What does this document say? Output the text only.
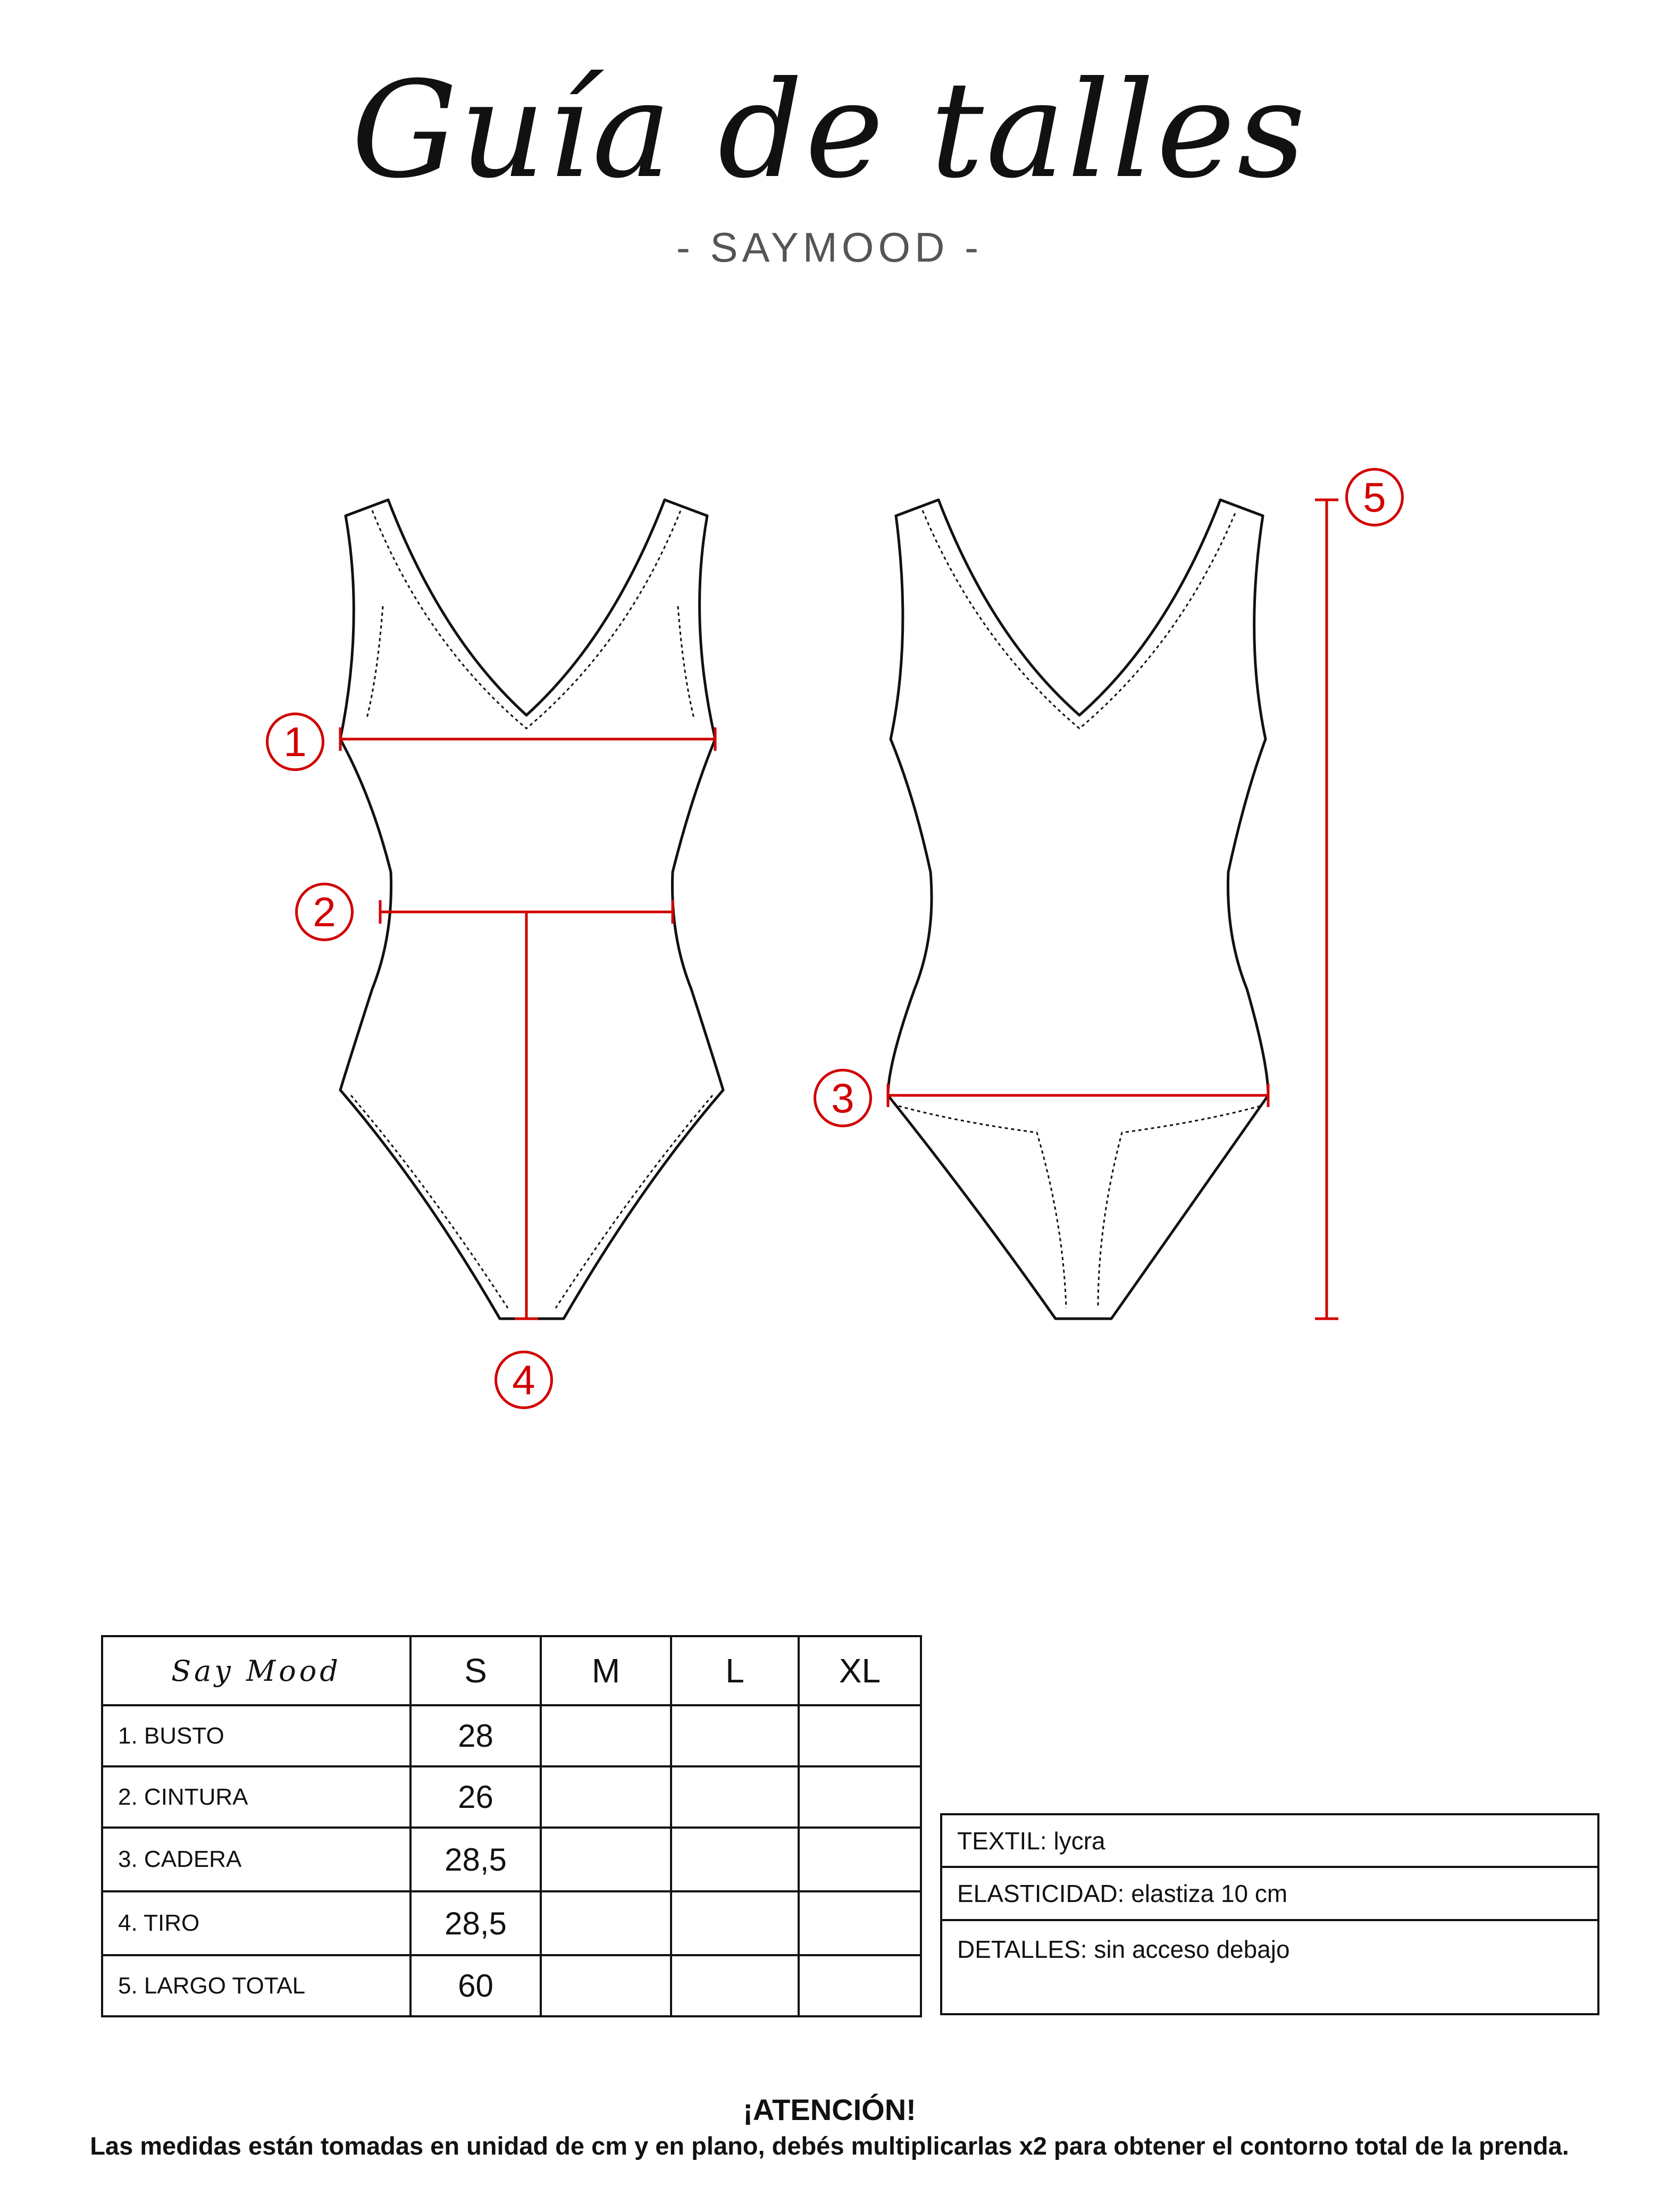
Guía de talles
- SAYMOOD -
1
2
3
4
5
Say Mood	S	M	L	XL
1. BUSTO	28			
2. CINTURA	26			
3. CADERA	28,5			
4. TIRO	28,5			
5. LARGO TOTAL	60			
TEXTIL: lycra
ELASTICIDAD: elastiza 10 cm
DETALLES: sin acceso debajo
¡ATENCIÓN!
Las medidas están tomadas en unidad de cm y en plano, debés multiplicarlas x2 para obtener el contorno total de la prenda.
